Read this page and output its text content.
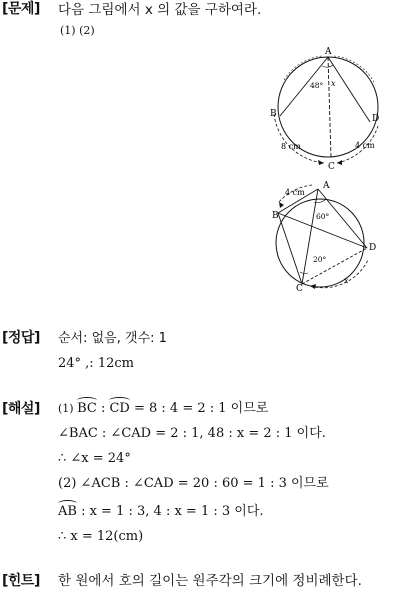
[문제] 다음 그림에서 x 의 값을 구하여라.
(1) (2)
A
B
C
D
48° x
8 cm	4 cm
A
B
C
D
4 cm
60°
20°
x
[정답] 순서: 없음, 갯수: 1
24° ,: 12cm
[해설] (1) BC : CD = 8 : 4 = 2 : 1 이므로
∠BAC : ∠CAD = 2 : 1, 48 : x = 2 : 1 이다.
∴ ∠x = 24°
(2) ∠ACB : ∠CAD = 20 : 60 = 1 : 3 이므로
AB : x = 1 : 3, 4 : x = 1 : 3 이다.
∴ x = 12(cm)
[힌트] 한 원에서 호의 길이는 원주각의 크기에 정비례한다.
